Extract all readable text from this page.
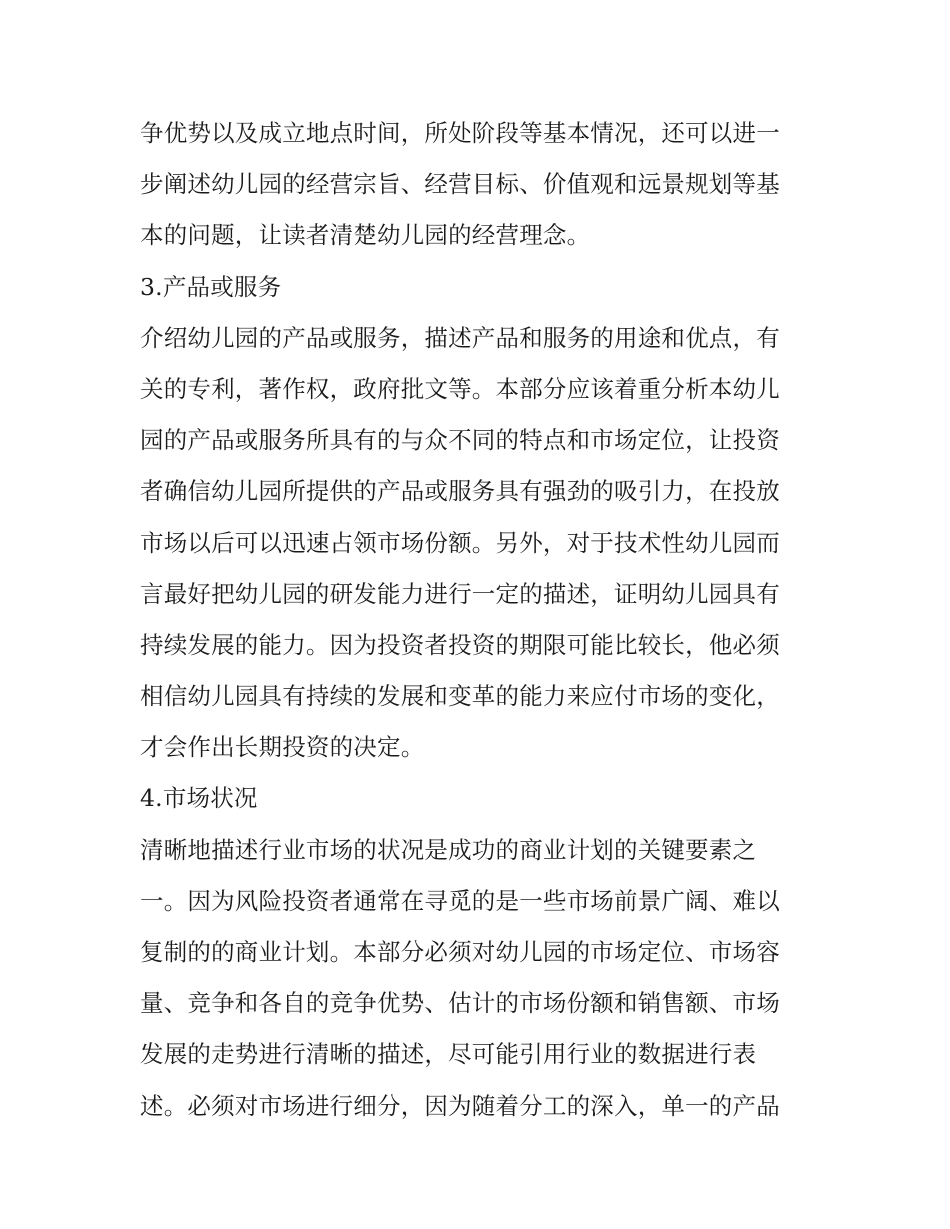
争优势以及成立地点时间，所处阶段等基本情况，还可以进一
步阐述幼儿园的经营宗旨、经营目标、价值观和远景规划等基
本的问题，让读者清楚幼儿园的经营理念。
3.产品或服务
介绍幼儿园的产品或服务，描述产品和服务的用途和优点，有
关的专利，著作权，政府批文等。本部分应该着重分析本幼儿
园的产品或服务所具有的与众不同的特点和市场定位，让投资
者确信幼儿园所提供的产品或服务具有强劲的吸引力，在投放
市场以后可以迅速占领市场份额。另外，对于技术性幼儿园而
言最好把幼儿园的研发能力进行一定的描述，证明幼儿园具有
持续发展的能力。因为投资者投资的期限可能比较长，他必须
相信幼儿园具有持续的发展和变革的能力来应付市场的变化，
才会作出长期投资的决定。
4.市场状况
清晰地描述行业市场的状况是成功的商业计划的关键要素之
一。因为风险投资者通常在寻觅的是一些市场前景广阔、难以
复制的的商业计划。本部分必须对幼儿园的市场定位、市场容
量、竞争和各自的竞争优势、估计的市场份额和销售额、市场
发展的走势进行清晰的描述，尽可能引用行业的数据进行表
述。必须对市场进行细分，因为随着分工的深入，单一的产品
